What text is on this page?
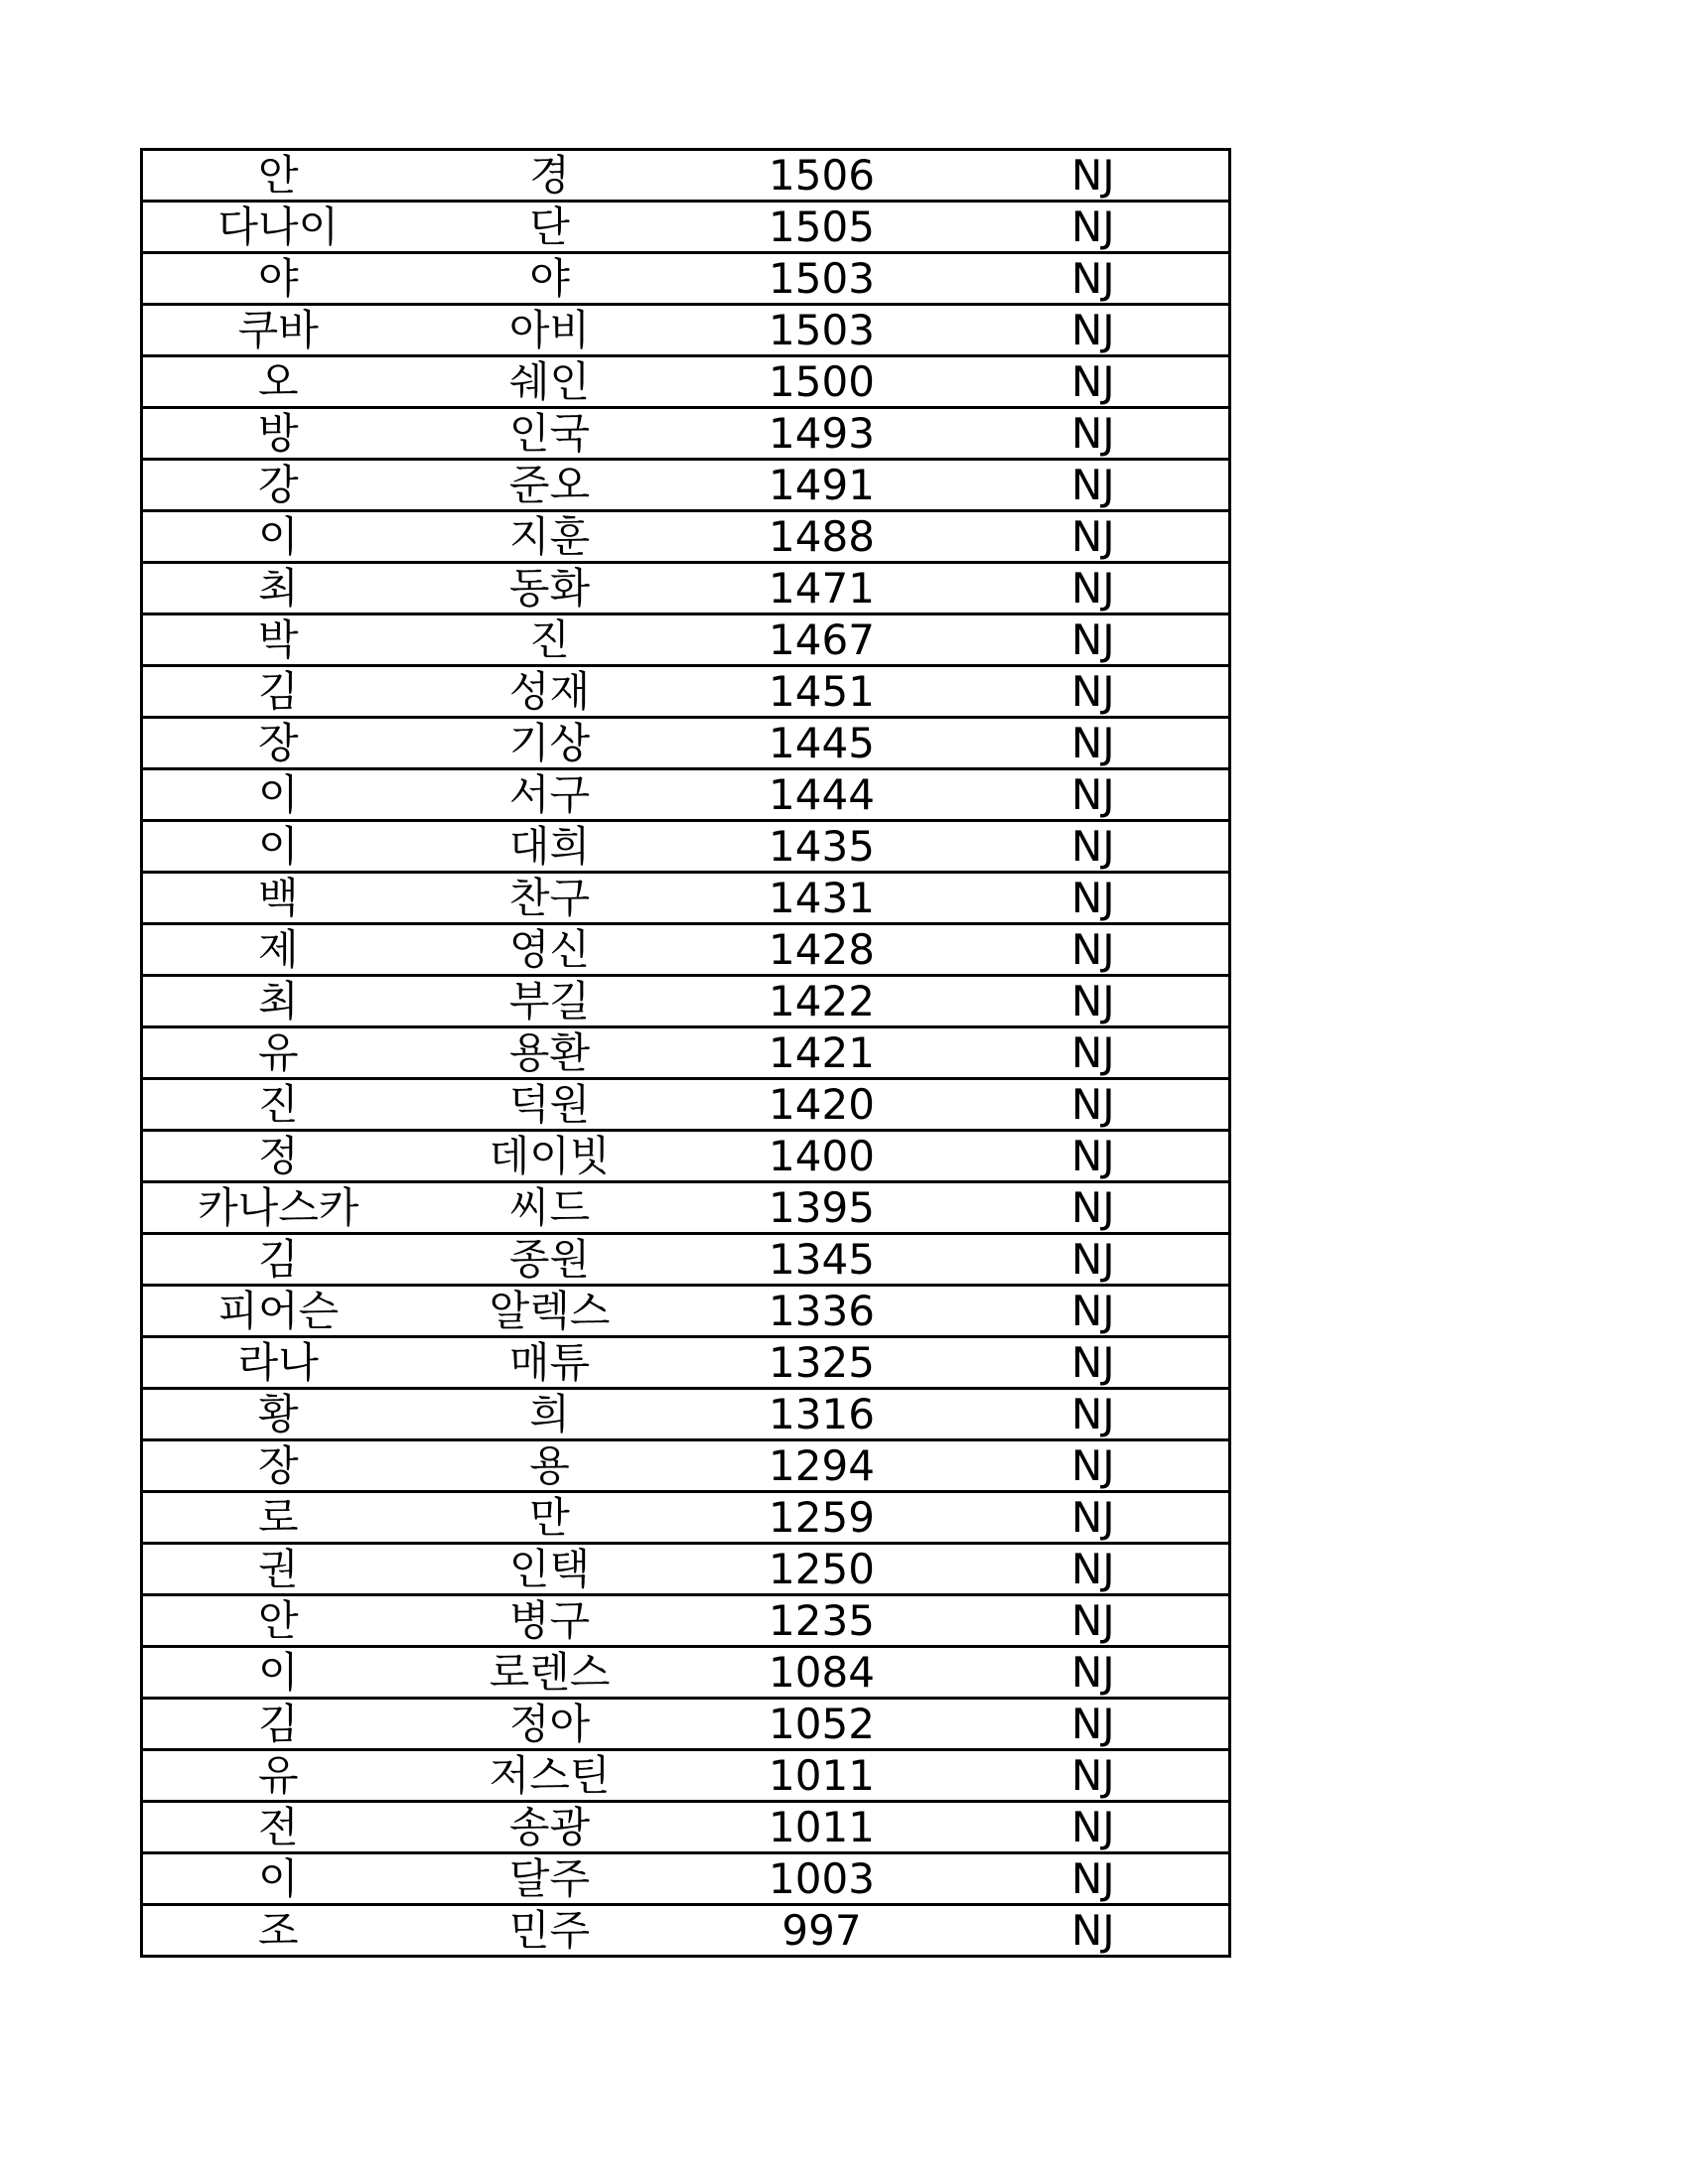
안	경	1506	NJ
다나이	단	1505	NJ
야	야	1503	NJ
쿠바	아비	1503	NJ
오	쉐인	1500	NJ
방	인국	1493	NJ
강	준오	1491	NJ
이	지훈	1488	NJ
최	동화	1471	NJ
박	진	1467	NJ
김	성재	1451	NJ
장	기상	1445	NJ
이	서구	1444	NJ
이	대희	1435	NJ
백	찬구	1431	NJ
제	영신	1428	NJ
최	부길	1422	NJ
유	용환	1421	NJ
진	덕원	1420	NJ
정	데이빗	1400	NJ
카나스카	씨드	1395	NJ
김	종원	1345	NJ
피어슨	알렉스	1336	NJ
라나	매튜	1325	NJ
황	희	1316	NJ
장	용	1294	NJ
로	만	1259	NJ
권	인택	1250	NJ
안	병구	1235	NJ
이	로렌스	1084	NJ
김	정아	1052	NJ
유	저스틴	1011	NJ
전	송광	1011	NJ
이	달주	1003	NJ
조	민주	997	NJ
